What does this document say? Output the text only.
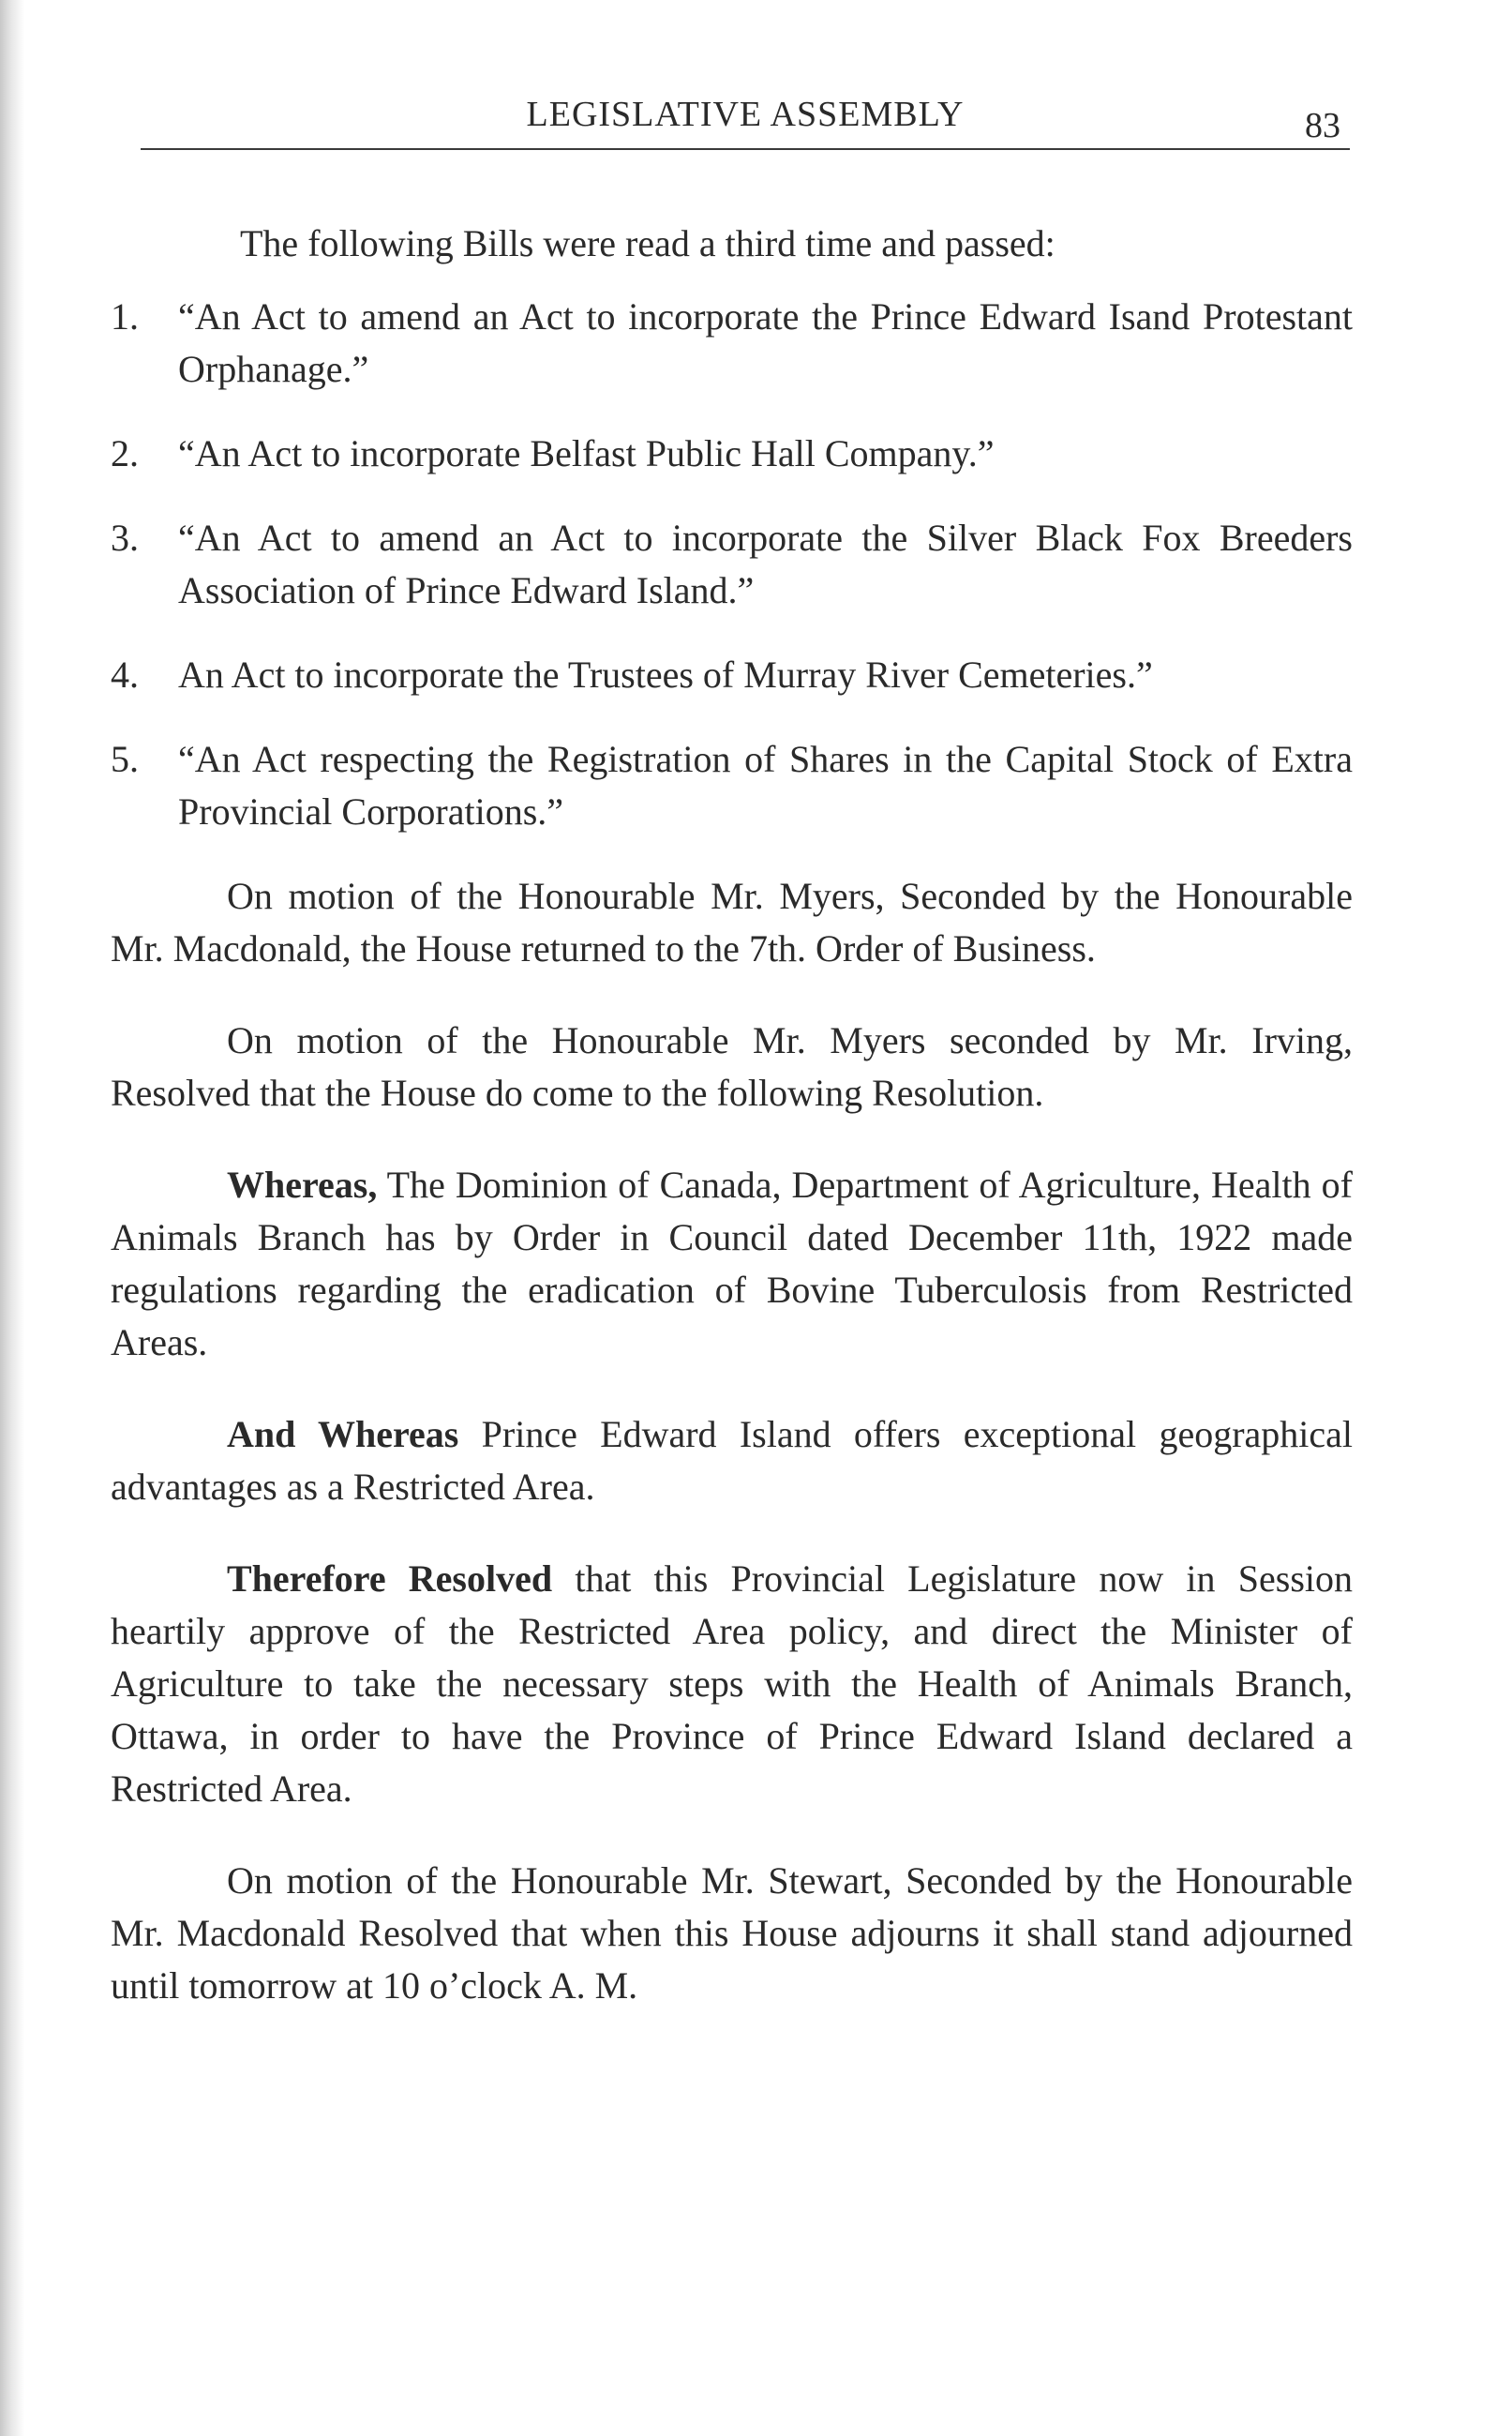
LEGISLATIVE ASSEMBLY	83

The following Bills were read a third time and passed:

1.	“An Act to amend an Act to incorporate the Prince Edward Isand Protestant Orphanage.”
2.	“An Act to incorporate Belfast Public Hall Company.”
3.	“An Act to amend an Act to incorporate the Silver Black Fox Breeders Association of Prince Edward Island.”
4.	An Act to incorporate the Trustees of Murray River Cemeteries.”
5.	“An Act respecting the Registration of Shares in the Capital Stock of Extra Provincial Corporations.”

On motion of the Honourable Mr. Myers, Seconded by the Honourable Mr. Macdonald, the House returned to the 7th. Order of Business.

On motion of the Honourable Mr. Myers seconded by Mr. Irving, Resolved that the House do come to the following Resolution.

Whereas, The Dominion of Canada, Department of Agriculture, Health of Animals Branch has by Order in Council dated December 11th, 1922 made regulations regarding the eradication of Bovine Tuberculosis from Restricted Areas.

And Whereas Prince Edward Island offers exceptional geographical advantages as a Restricted Area.

Therefore Resolved that this Provincial Legislature now in Session heartily approve of the Restricted Area policy, and direct the Minister of Agriculture to take the necessary steps with the Health of Animals Branch, Ottawa, in order to have the Province of Prince Edward Island declared a Restricted Area.

On motion of the Honourable Mr. Stewart, Seconded by the Honourable Mr. Macdonald Resolved that when this House adjourns it shall stand adjourned until tomorrow at 10 o’clock A. M.
